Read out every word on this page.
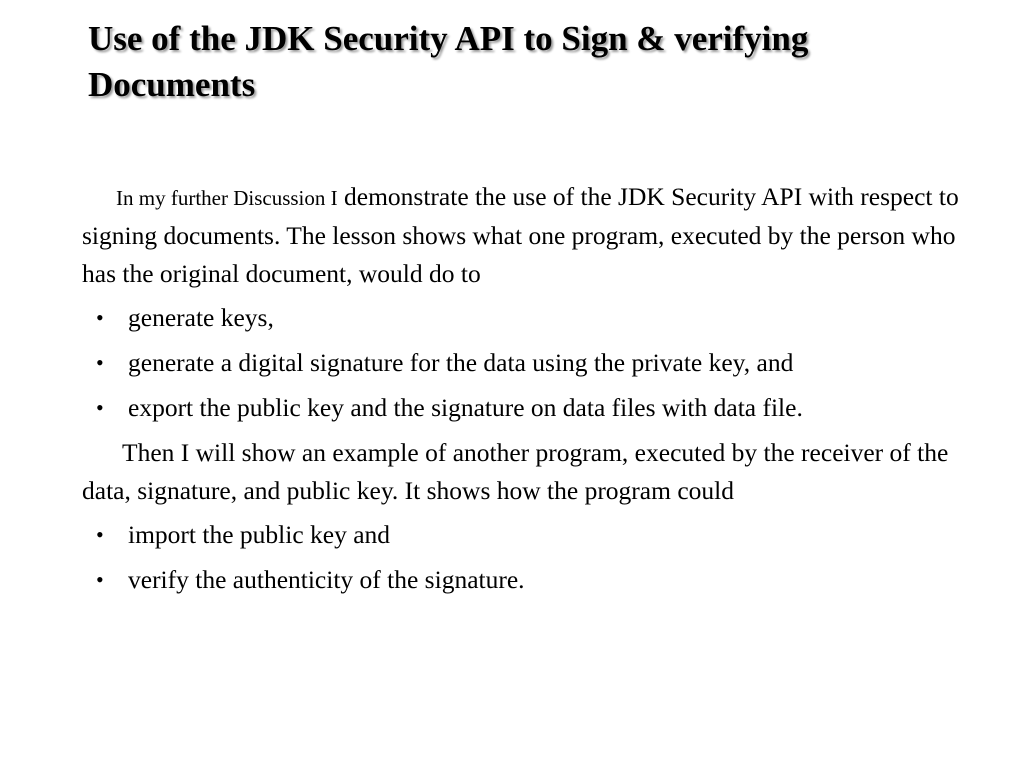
Use of the JDK Security API to Sign & verifying
Documents

In my further Discussion I demonstrate the use of the JDK Security API with respect to signing documents. The lesson shows what one program, executed by the person who has the original document, would do to

• generate keys,
• generate a digital signature for the data using the private key, and
• export the public key and the signature on data files with data file.

Then I will show an example of another program, executed by the receiver of the data, signature, and public key. It shows how the program could

• import the public key and
• verify the authenticity of the signature.
